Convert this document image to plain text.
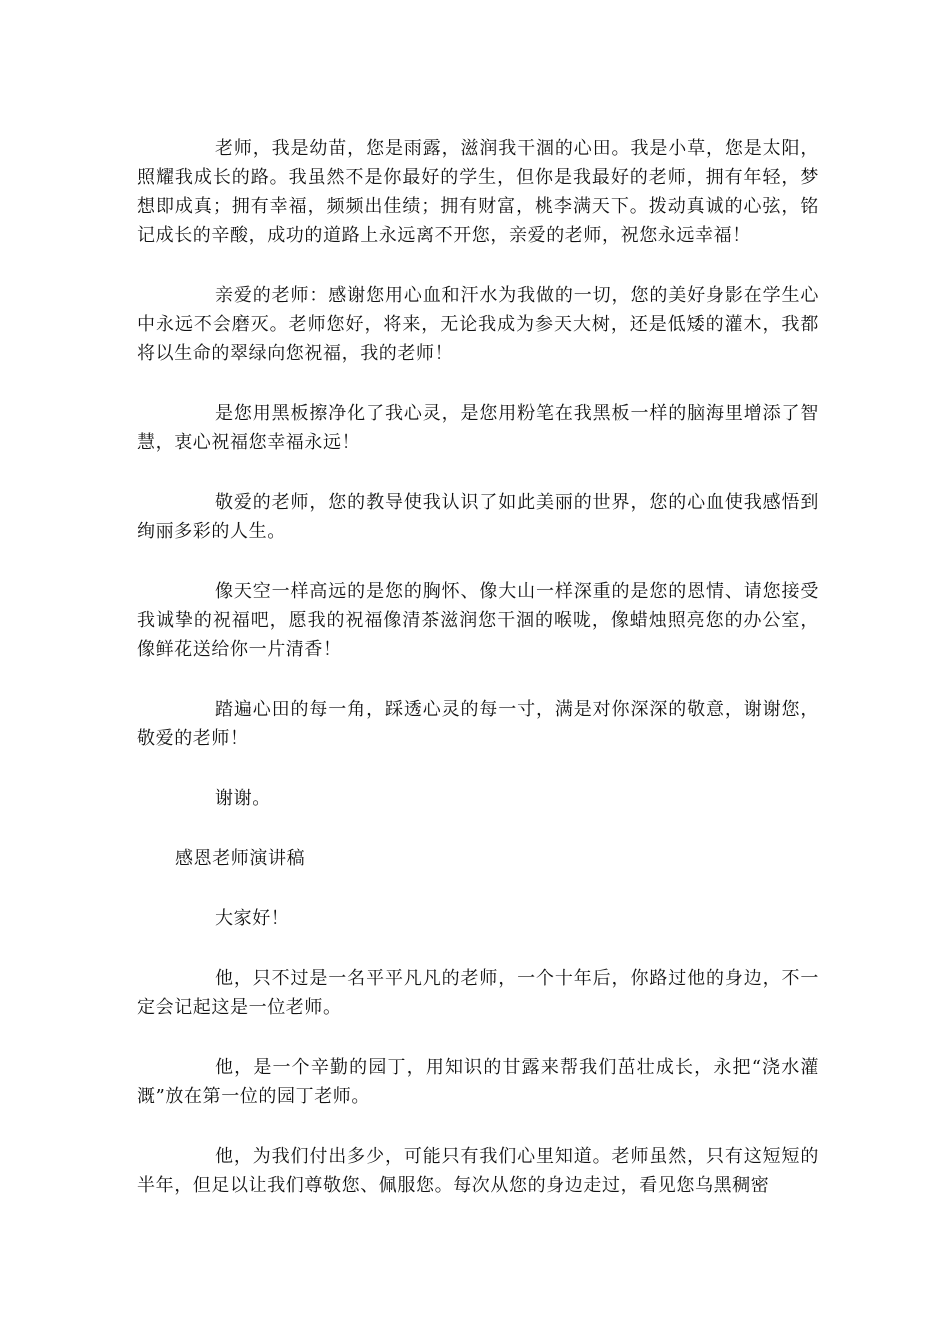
老师，我是幼苗，您是雨露，滋润我干涸的心田。我是小草，您是太阳，照耀我成长的路。我虽然不是你最好的学生，但你是我最好的老师，拥有年轻，梦想即成真；拥有幸福，频频出佳绩；拥有财富，桃李满天下。拨动真诚的心弦，铭记成长的辛酸，成功的道路上永远离不开您，亲爱的老师，祝您永远幸福！

亲爱的老师：感谢您用心血和汗水为我做的一切，您的美好身影在学生心中永远不会磨灭。老师您好，将来，无论我成为参天大树，还是低矮的灌木，我都将以生命的翠绿向您祝福，我的老师！

是您用黑板擦净化了我心灵，是您用粉笔在我黑板一样的脑海里增添了智慧，衷心祝福您幸福永远！

敬爱的老师，您的教导使我认识了如此美丽的世界，您的心血使我感悟到绚丽多彩的人生。

像天空一样高远的是您的胸怀、像大山一样深重的是您的恩情、请您接受我诚挚的祝福吧，愿我的祝福像清茶滋润您干涸的喉咙，像蜡烛照亮您的办公室，像鲜花送给你一片清香！

踏遍心田的每一角，踩透心灵的每一寸，满是对你深深的敬意，谢谢您，敬爱的老师！

谢谢。

感恩老师演讲稿

大家好！

他，只不过是一名平平凡凡的老师，一个十年后，你路过他的身边，不一定会记起这是一位老师。

他，是一个辛勤的园丁，用知识的甘露来帮我们茁壮成长，永把“浇水灌溉”放在第一位的园丁老师。

他，为我们付出多少，可能只有我们心里知道。老师虽然，只有这短短的半年，但足以让我们尊敬您、佩服您。每次从您的身边走过，看见您乌黑稠密
